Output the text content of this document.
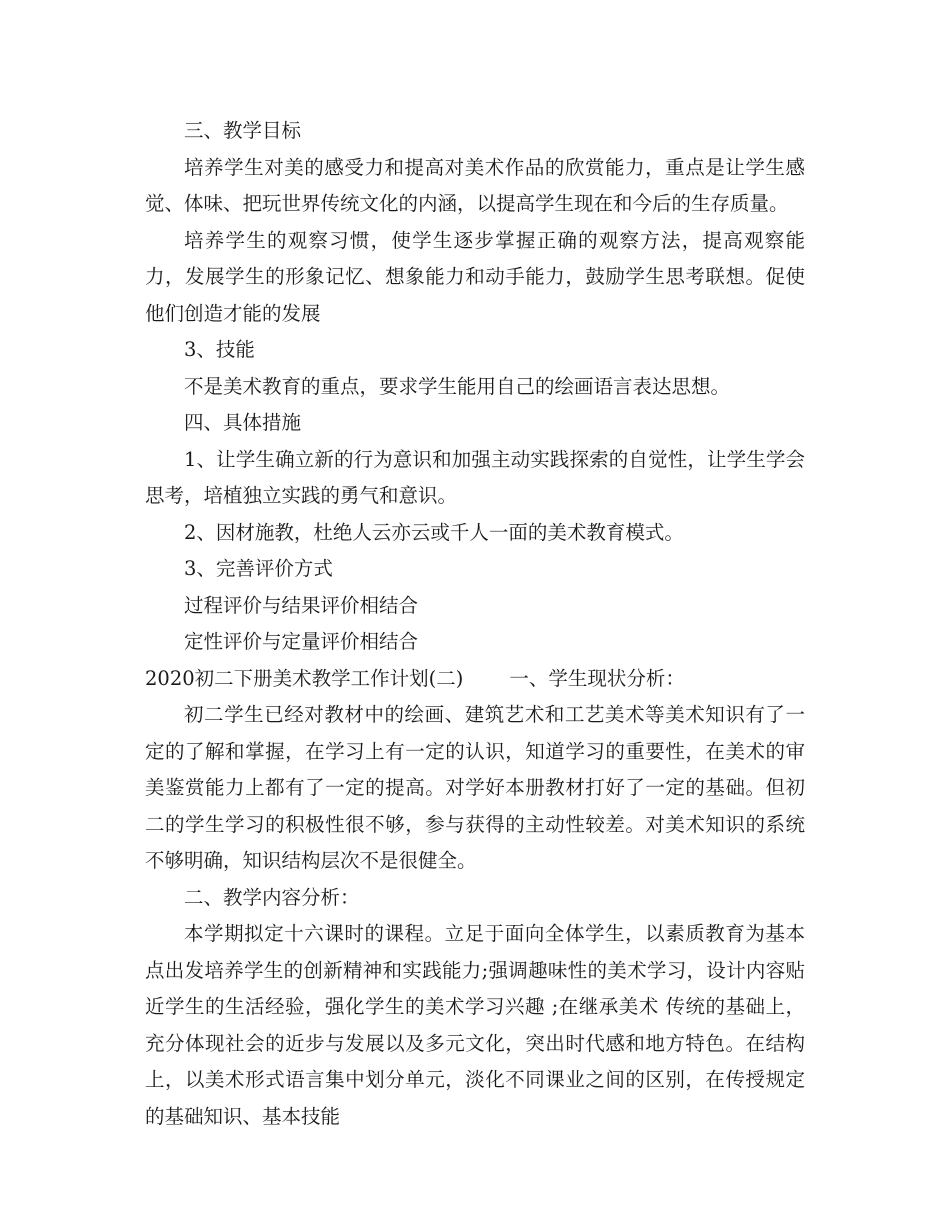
三、教学目标

培养学生对美的感受力和提高对美术作品的欣赏能力，重点是让学生感觉、体味、把玩世界传统文化的内涵，以提高学生现在和今后的生存质量。

培养学生的观察习惯，使学生逐步掌握正确的观察方法，提高观察能力，发展学生的形象记忆、想象能力和动手能力，鼓励学生思考联想。促使他们创造才能的发展

3、技能

不是美术教育的重点，要求学生能用自己的绘画语言表达思想。

四、具体措施

1、让学生确立新的行为意识和加强主动实践探索的自觉性，让学生学会思考，培植独立实践的勇气和意识。

2、因材施教，杜绝人云亦云或千人一面的美术教育模式。

3、完善评价方式

过程评价与结果评价相结合

定性评价与定量评价相结合

2020初二下册美术教学工作计划(二) 一、学生现状分析：

初二学生已经对教材中的绘画、建筑艺术和工艺美术等美术知识有了一定的了解和掌握，在学习上有一定的认识，知道学习的重要性，在美术的审美鉴赏能力上都有了一定的提高。对学好本册教材打好了一定的基础。但初二的学生学习的积极性很不够，参与获得的主动性较差。对美术知识的系统不够明确，知识结构层次不是很健全。

二、教学内容分析：

本学期拟定十六课时的课程。立足于面向全体学生，以素质教育为基本点出发培养学生的创新精神和实践能力;强调趣味性的美术学习，设计内容贴近学生的生活经验，强化学生的美术学习兴趣 ;在继承美术 传统的基础上，充分体现社会的近步与发展以及多元文化，突出时代感和地方特色。在结构上，以美术形式语言集中划分单元，淡化不同课业之间的区别，在传授规定的基础知识、基本技能
